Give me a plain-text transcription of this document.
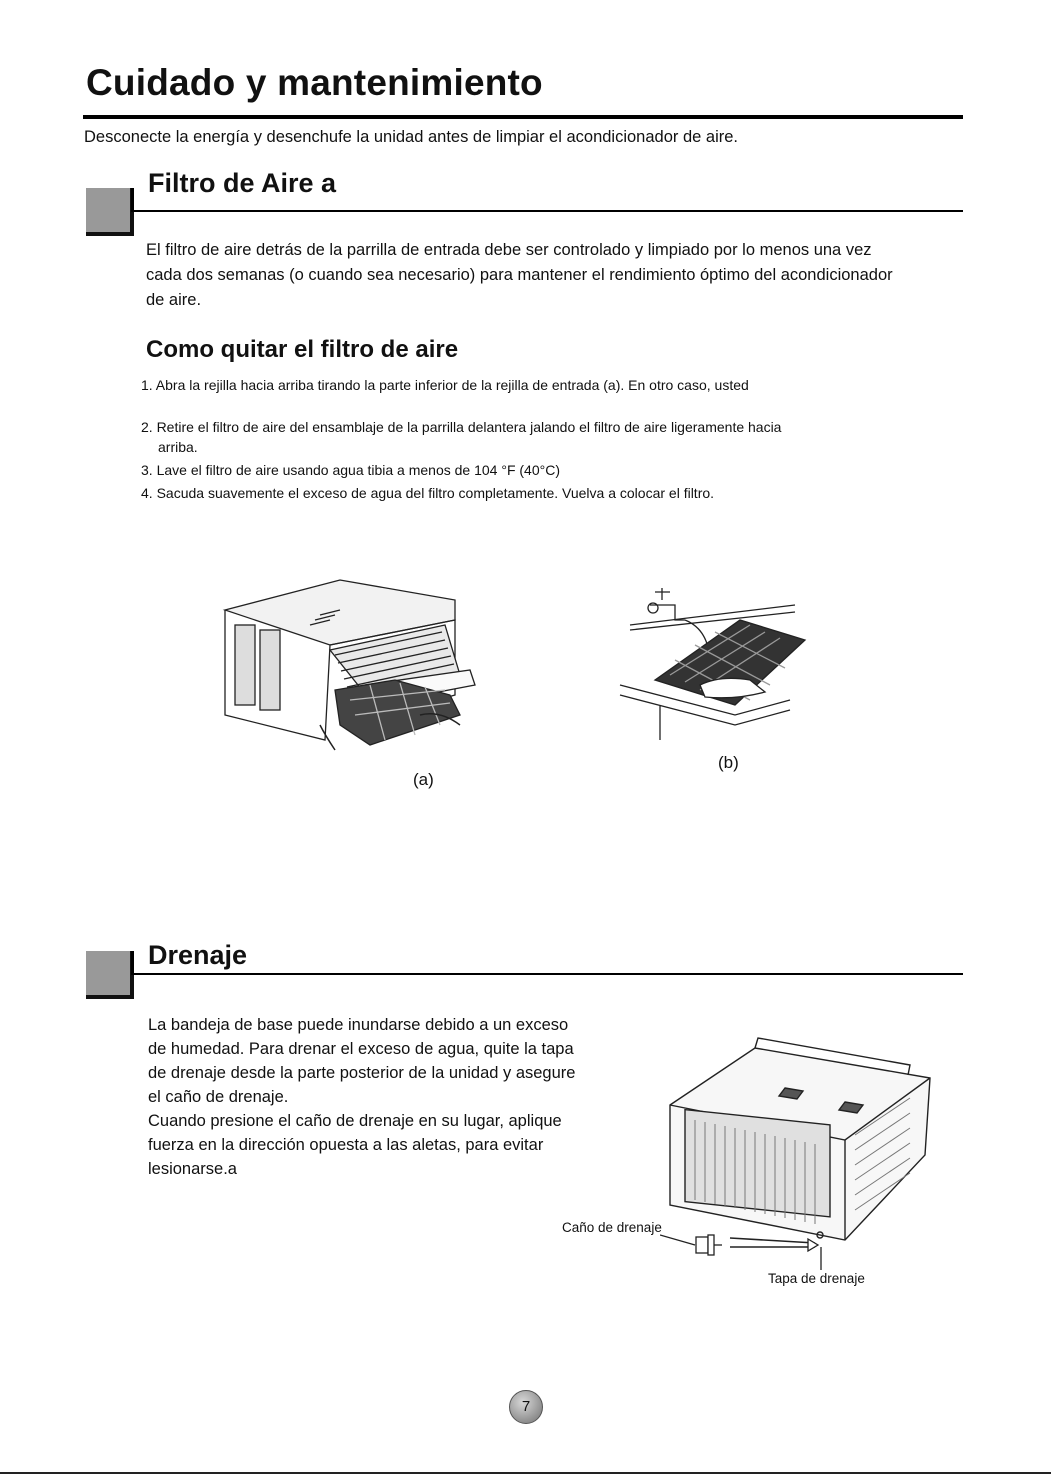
Cuidado y mantenimiento
Desconecte la energía y desenchufe la unidad antes de limpiar el acondicionador de aire.
Filtro de Aire a
El filtro de aire detrás de la parrilla de entrada debe ser controlado y limpiado por lo menos una vez
cada dos semanas (o cuando sea necesario) para mantener el rendimiento óptimo del acondicionador
de aire.
Como quitar el filtro de aire
1. Abra la rejilla hacia arriba tirando la parte inferior de la rejilla de entrada (a). En otro caso, usted
2. Retire el filtro de aire del ensamblaje de la parrilla delantera jalando el filtro de aire ligeramente hacia
arriba.
3. Lave el filtro de aire usando agua tibia a menos de 104 °F (40°C)
4. Sacuda suavemente el exceso de agua del filtro completamente. Vuelva a colocar el filtro.
(a)
(b)
Drenaje
La bandeja de base puede inundarse debido a un exceso
de humedad. Para drenar el exceso de agua, quite la tapa
de drenaje desde la parte posterior de la unidad y asegure
el caño de drenaje.
Cuando presione el caño de drenaje en su lugar, aplique
fuerza en la dirección opuesta a las aletas, para evitar
lesionarse.a
Caño de drenaje
Tapa de drenaje
7
